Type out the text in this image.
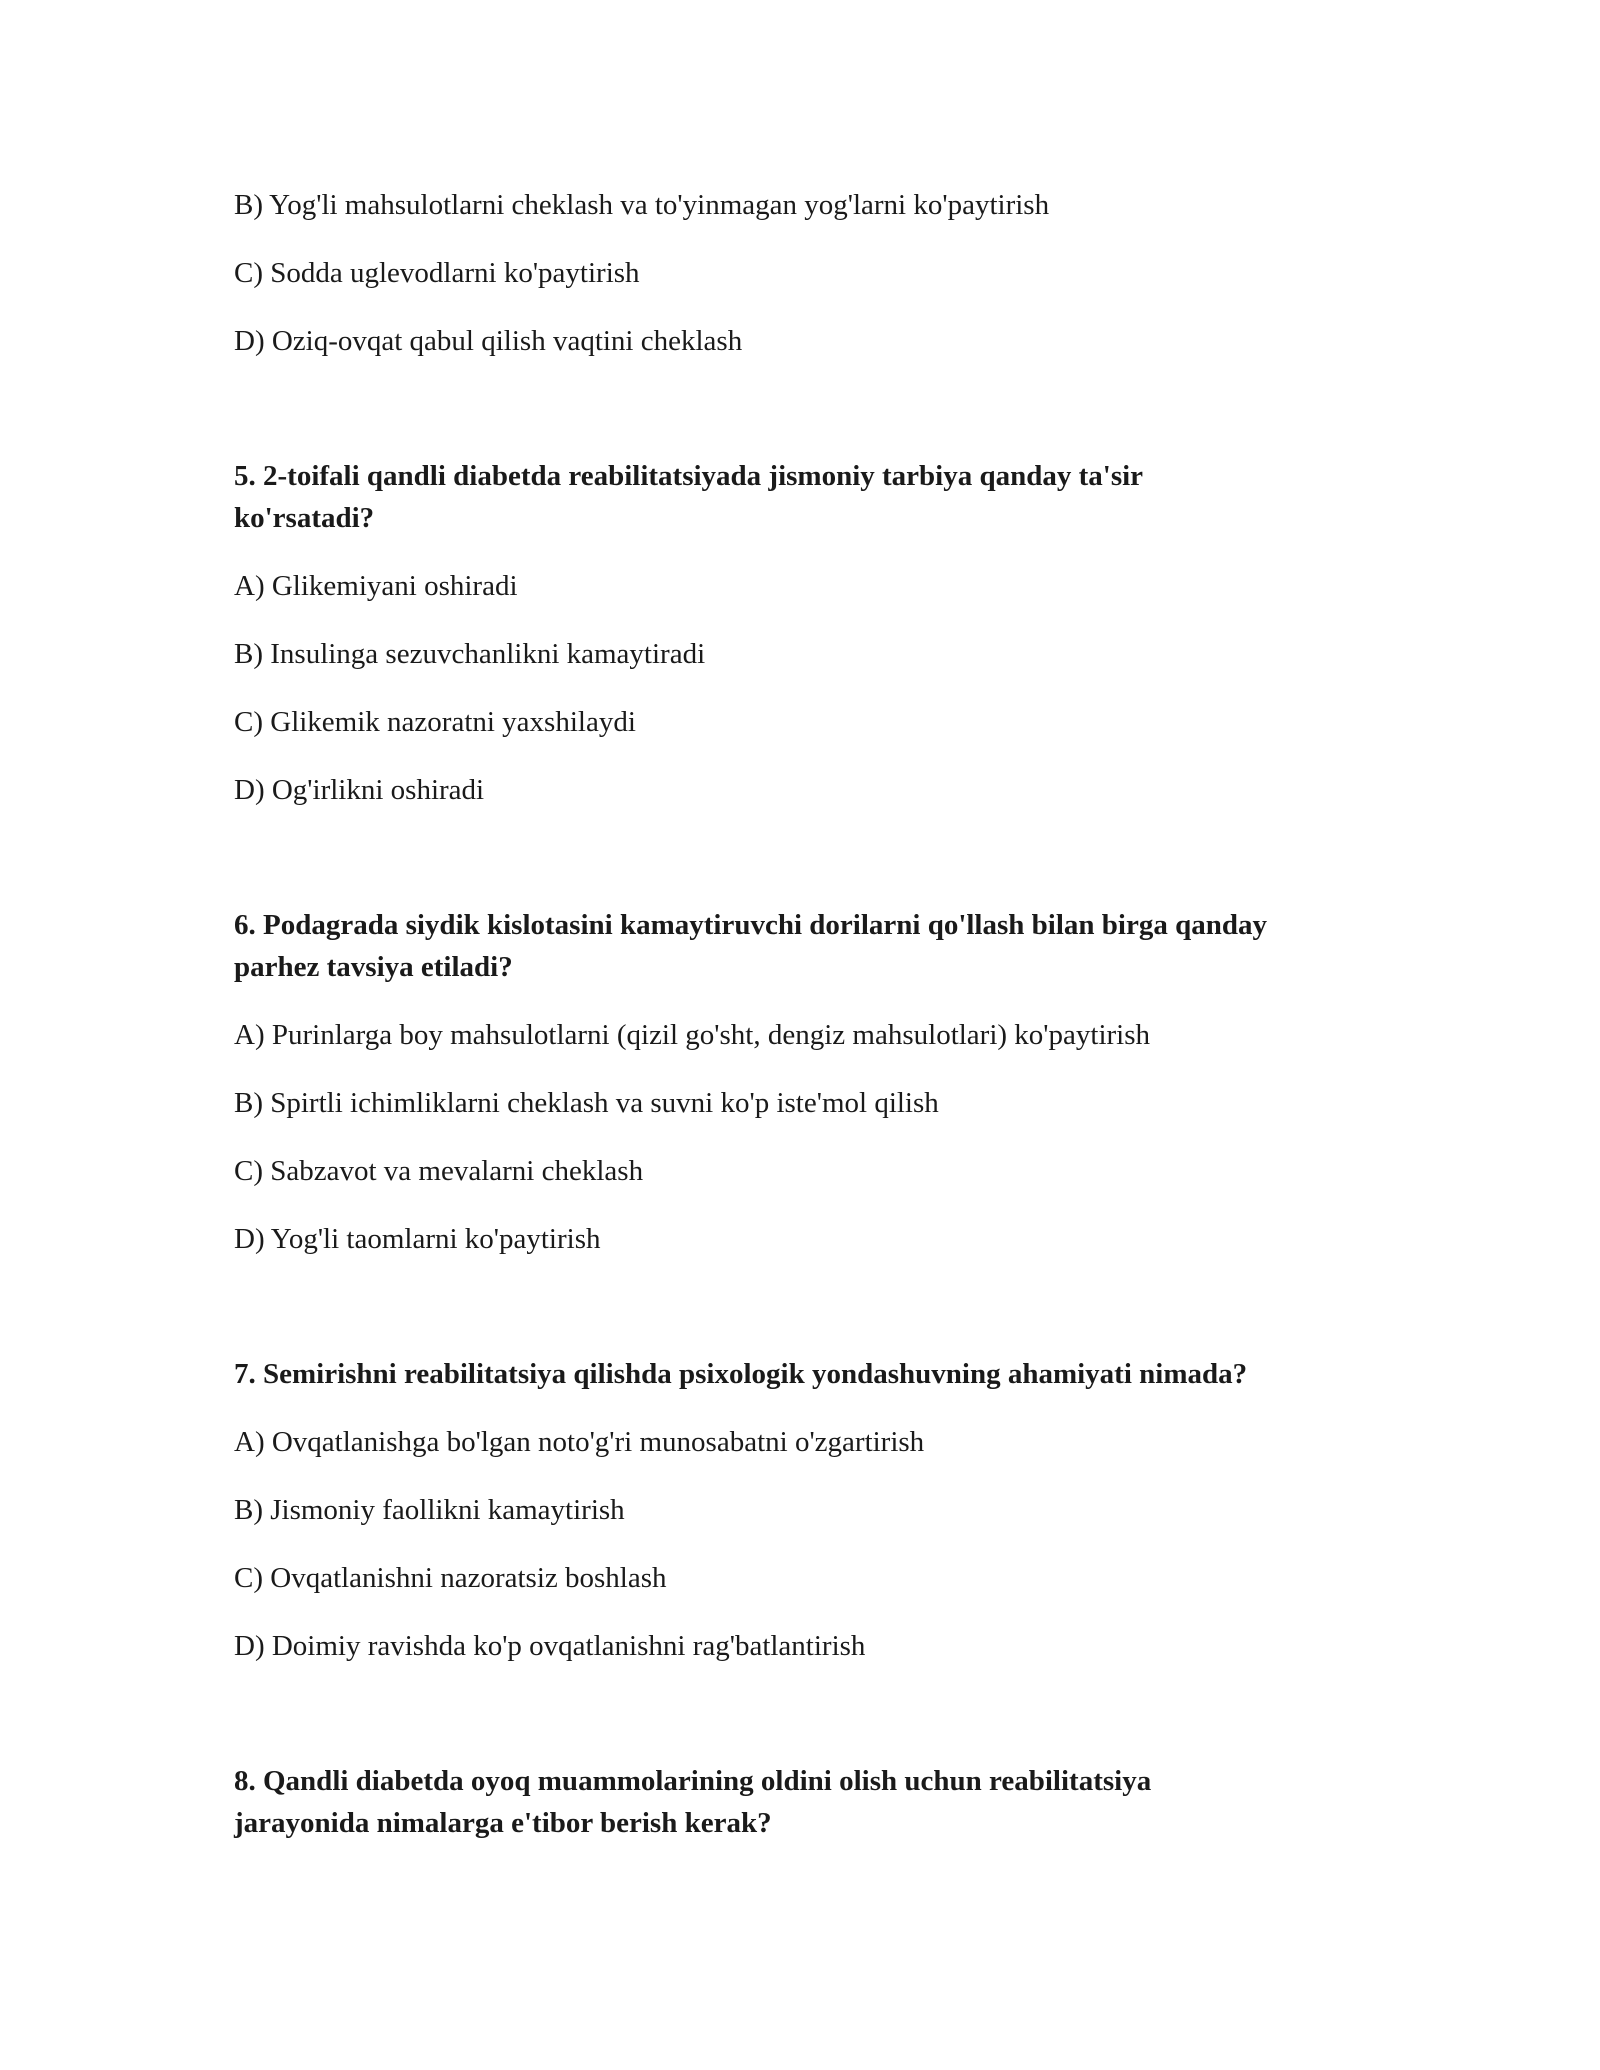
B) Yog'li mahsulotlarni cheklash va to'yinmagan yog'larni ko'paytirish
C) Sodda uglevodlarni ko'paytirish
D) Oziq-ovqat qabul qilish vaqtini cheklash
5. 2-toifali qandli diabetda reabilitatsiyada jismoniy tarbiya qanday ta'sir
ko'rsatadi?
A) Glikemiyani oshiradi
B) Insulinga sezuvchanlikni kamaytiradi
C) Glikemik nazoratni yaxshilaydi
D) Og'irlikni oshiradi
6. Podagrada siydik kislotasini kamaytiruvchi dorilarni qo'llash bilan birga qanday
parhez tavsiya etiladi?
A) Purinlarga boy mahsulotlarni (qizil go'sht, dengiz mahsulotlari) ko'paytirish
B) Spirtli ichimliklarni cheklash va suvni ko'p iste'mol qilish
C) Sabzavot va mevalarni cheklash
D) Yog'li taomlarni ko'paytirish
7. Semirishni reabilitatsiya qilishda psixologik yondashuvning ahamiyati nimada?
A) Ovqatlanishga bo'lgan noto'g'ri munosabatni o'zgartirish
B) Jismoniy faollikni kamaytirish
C) Ovqatlanishni nazoratsiz boshlash
D) Doimiy ravishda ko'p ovqatlanishni rag'batlantirish
8. Qandli diabetda oyoq muammolarining oldini olish uchun reabilitatsiya
jarayonida nimalarga e'tibor berish kerak?
